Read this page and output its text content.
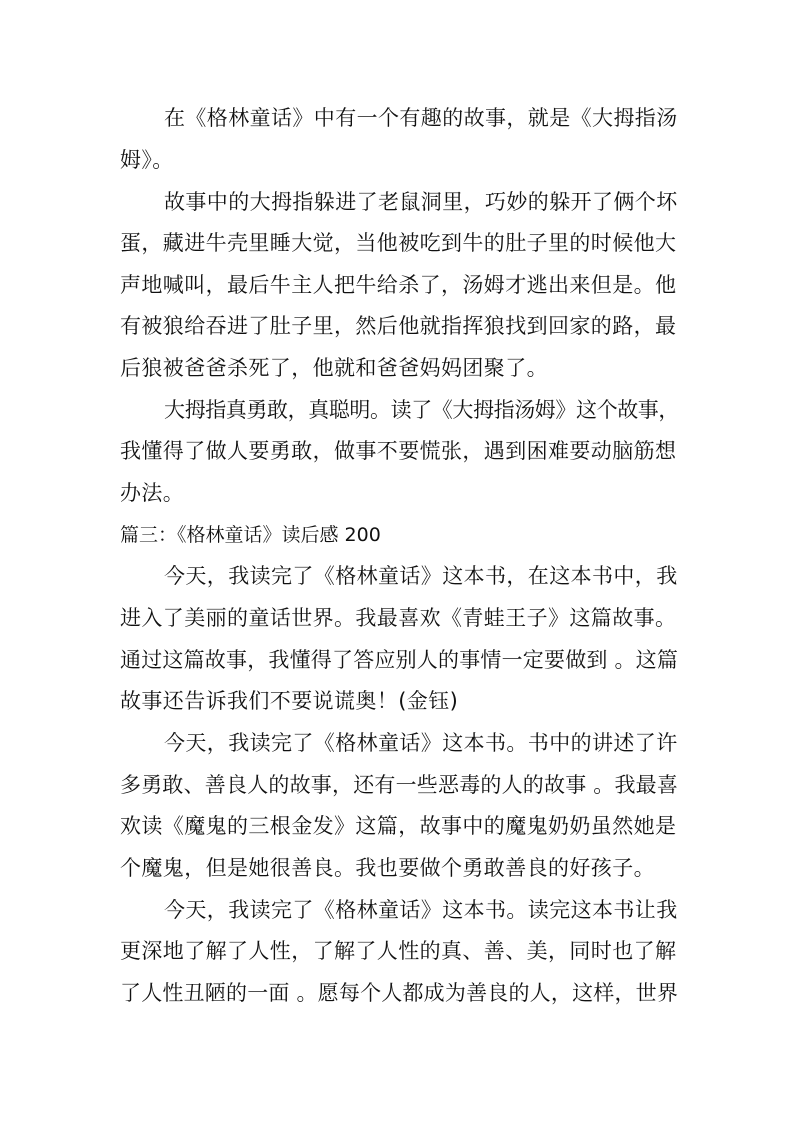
在《格林童话》中有一个有趣的故事，就是《大拇指汤
姆》。
故事中的大拇指躲进了老鼠洞里，巧妙的躲开了俩个坏
蛋，藏进牛壳里睡大觉，当他被吃到牛的肚子里的时候他大
声地喊叫，最后牛主人把牛给杀了，汤姆才逃出来但是。他
有被狼给吞进了肚子里，然后他就指挥狼找到回家的路，最
后狼被爸爸杀死了，他就和爸爸妈妈团聚了。
大拇指真勇敢，真聪明。读了《大拇指汤姆》这个故事，
我懂得了做人要勇敢，做事不要慌张，遇到困难要动脑筋想
办法。
篇三：《格林童话》读后感 200
今天，我读完了《格林童话》这本书，在这本书中，我
进入了美丽的童话世界。我最喜欢《青蛙王子》这篇故事。
通过这篇故事，我懂得了答应别人的事情一定要做到 。这篇
故事还告诉我们不要说谎奥！(金钰)
今天，我读完了《格林童话》这本书。书中的讲述了许
多勇敢、善良人的故事，还有一些恶毒的人的故事 。我最喜
欢读《魔鬼的三根金发》这篇，故事中的魔鬼奶奶虽然她是
个魔鬼，但是她很善良。我也要做个勇敢善良的好孩子。
今天，我读完了《格林童话》这本书。读完这本书让我
更深地了解了人性，了解了人性的真、善、美，同时也了解
了人性丑陋的一面 。愿每个人都成为善良的人，这样，世界
